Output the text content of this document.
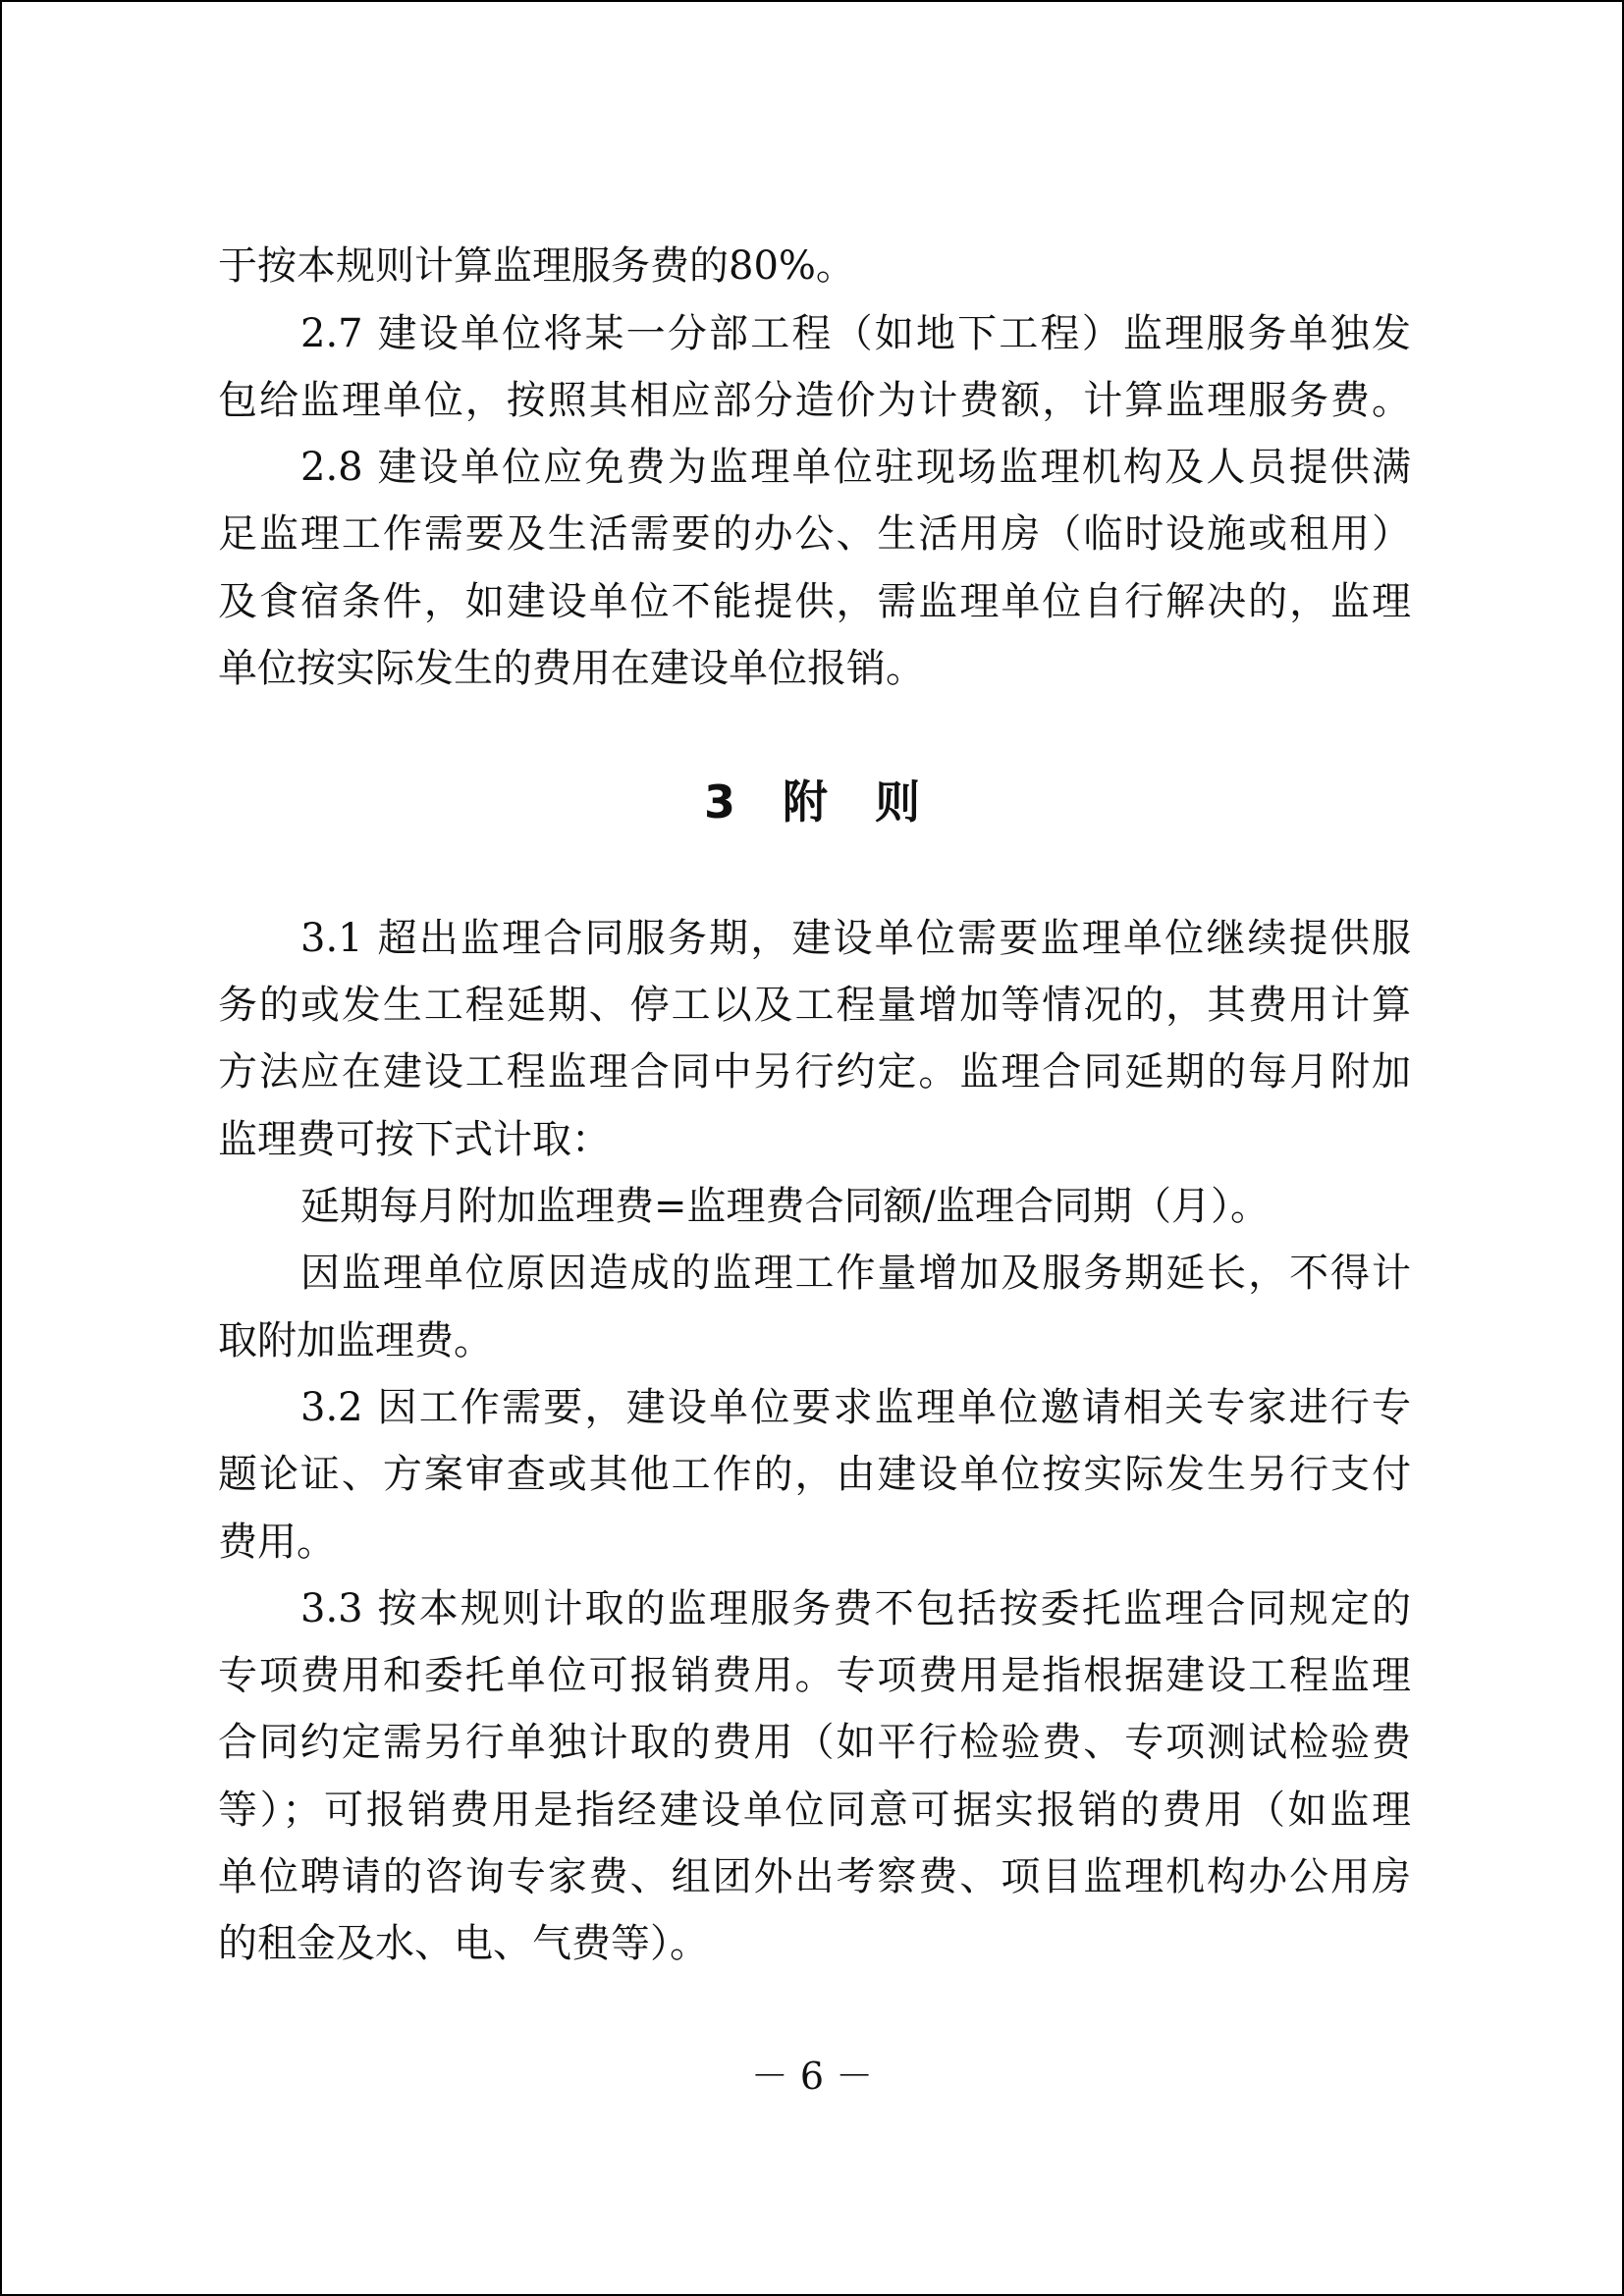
于按本规则计算监理服务费的80%。

2.7 建设单位将某一分部工程（如地下工程）监理服务单独发

包给监理单位，按照其相应部分造价为计费额，计算监理服务费。

2.8 建设单位应免费为监理单位驻现场监理机构及人员提供满

足监理工作需要及生活需要的办公、生活用房（临时设施或租用）

及食宿条件，如建设单位不能提供，需监理单位自行解决的，监理

单位按实际发生的费用在建设单位报销。

3   附   则

3.1 超出监理合同服务期，建设单位需要监理单位继续提供服

务的或发生工程延期、停工以及工程量增加等情况的，其费用计算

方法应在建设工程监理合同中另行约定。监理合同延期的每月附加

监理费可按下式计取：

延期每月附加监理费=监理费合同额/监理合同期（月）。

因监理单位原因造成的监理工作量增加及服务期延长，不得计

取附加监理费。

3.2 因工作需要，建设单位要求监理单位邀请相关专家进行专

题论证、方案审查或其他工作的，由建设单位按实际发生另行支付

费用。

3.3 按本规则计取的监理服务费不包括按委托监理合同规定的

专项费用和委托单位可报销费用。专项费用是指根据建设工程监理

合同约定需另行单独计取的费用（如平行检验费、专项测试检验费

等）；可报销费用是指经建设单位同意可据实报销的费用（如监理

单位聘请的咨询专家费、组团外出考察费、项目监理机构办公用房

的租金及水、电、气费等）。

－ 6 －
